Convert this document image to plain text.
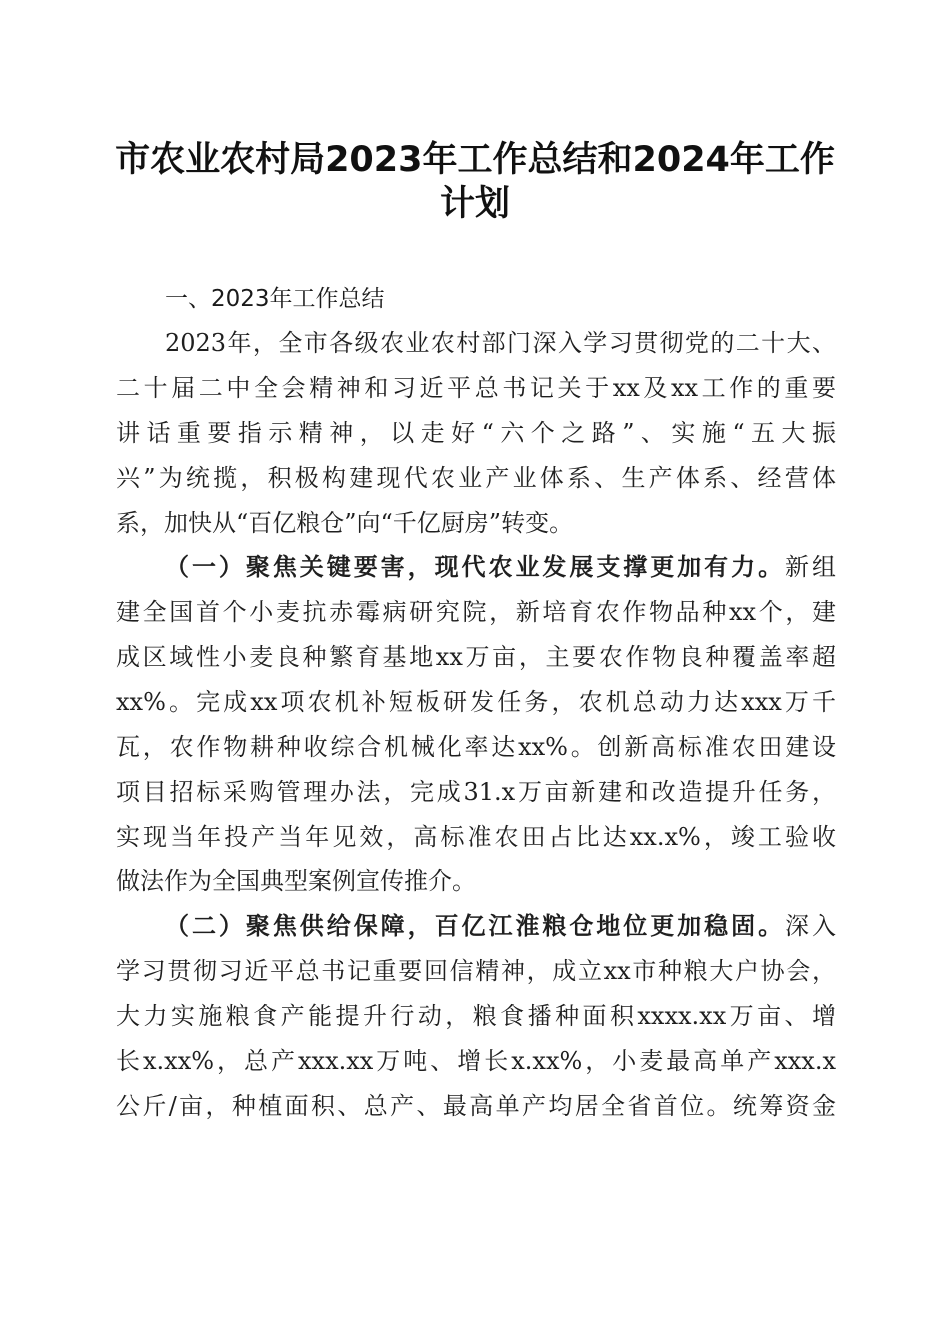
市农业农村局2023年工作总结和2024年工作
计划
一、2023年工作总结
2023年，全市各级农业农村部门深入学习贯彻党的二十大、
二十届二中全会精神和习近平总书记关于xx及xx工作的重要
讲话重要指示精神，以走好“六个之路”、实施“五大振
兴”为统揽，积极构建现代农业产业体系、生产体系、经营体
系，加快从“百亿粮仓”向“千亿厨房”转变。
（一）聚焦关键要害，现代农业发展支撑更加有力。新组
建全国首个小麦抗赤霉病研究院，新培育农作物品种xx个，建
成区域性小麦良种繁育基地xx万亩，主要农作物良种覆盖率超
xx%。完成xx项农机补短板研发任务，农机总动力达xxx万千
瓦，农作物耕种收综合机械化率达xx%。创新高标准农田建设
项目招标采购管理办法，完成31.x万亩新建和改造提升任务，
实现当年投产当年见效，高标准农田占比达xx.x%，竣工验收
做法作为全国典型案例宣传推介。
（二）聚焦供给保障，百亿江淮粮仓地位更加稳固。深入
学习贯彻习近平总书记重要回信精神，成立xx市种粮大户协会，
大力实施粮食产能提升行动，粮食播种面积xxxx.xx万亩、增
长x.xx%，总产xxx.xx万吨、增长x.xx%，小麦最高单产xxx.x
公斤/亩，种植面积、总产、最高单产均居全省首位。统筹资金
